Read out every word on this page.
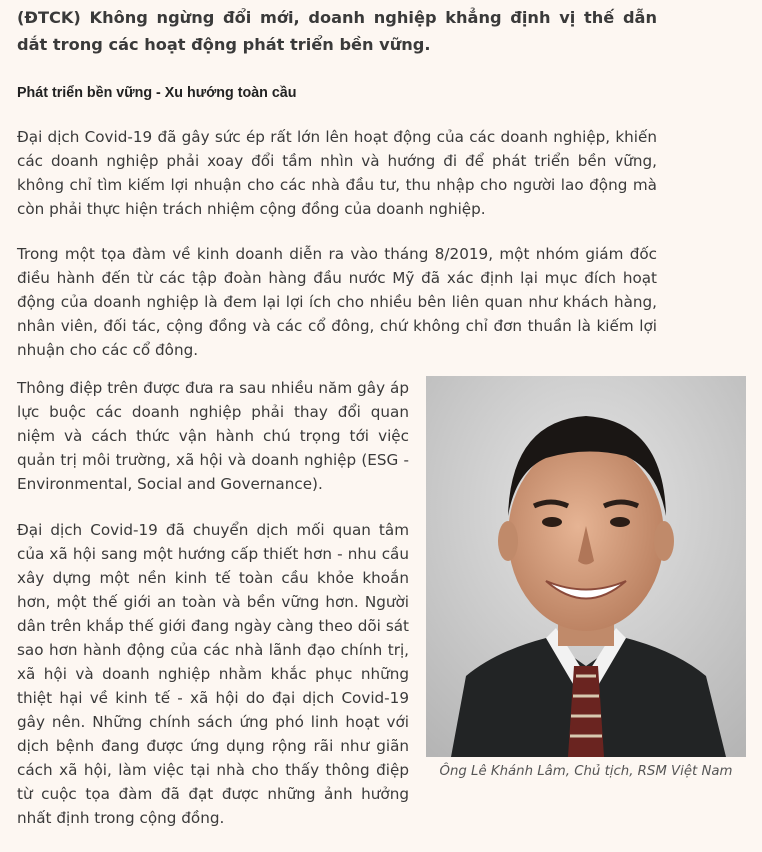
(ĐTCK) Không ngừng đổi mới, doanh nghiệp khẳng định vị thế dẫn dắt trong các hoạt động phát triển bền vững.

Phát triển bền vững - Xu hướng toàn cầu

Đại dịch Covid-19 đã gây sức ép rất lớn lên hoạt động của các doanh nghiệp, khiến các doanh nghiệp phải xoay đổi tầm nhìn và hướng đi để phát triển bền vững, không chỉ tìm kiếm lợi nhuận cho các nhà đầu tư, thu nhập cho người lao động mà còn phải thực hiện trách nhiệm cộng đồng của doanh nghiệp.

Trong một tọa đàm về kinh doanh diễn ra vào tháng 8/2019, một nhóm giám đốc điều hành đến từ các tập đoàn hàng đầu nước Mỹ đã xác định lại mục đích hoạt động của doanh nghiệp là đem lại lợi ích cho nhiều bên liên quan như khách hàng, nhân viên, đối tác, cộng đồng và các cổ đông, chứ không chỉ đơn thuần là kiếm lợi nhuận cho các cổ đông.

Thông điệp trên được đưa ra sau nhiều năm gây áp lực buộc các doanh nghiệp phải thay đổi quan niệm và cách thức vận hành chú trọng tới việc quản trị môi trường, xã hội và doanh nghiệp (ESG - Environmental, Social and Governance).

Đại dịch Covid-19 đã chuyển dịch mối quan tâm của xã hội sang một hướng cấp thiết hơn - nhu cầu xây dựng một nền kinh tế toàn cầu khỏe khoắn hơn, một thế giới an toàn và bền vững hơn. Người dân trên khắp thế giới đang ngày càng theo dõi sát sao hơn hành động của các nhà lãnh đạo chính trị, xã hội và doanh nghiệp nhằm khắc phục những thiệt hại về kinh tế - xã hội do đại dịch Covid-19 gây nên. Những chính sách ứng phó linh hoạt với dịch bệnh đang được ứng dụng rộng rãi như giãn cách xã hội, làm việc tại nhà cho thấy thông điệp từ cuộc tọa đàm đã đạt được những ảnh hưởng nhất định trong cộng đồng.

Ông Lê Khánh Lâm, Chủ tịch, RSM Việt Nam
